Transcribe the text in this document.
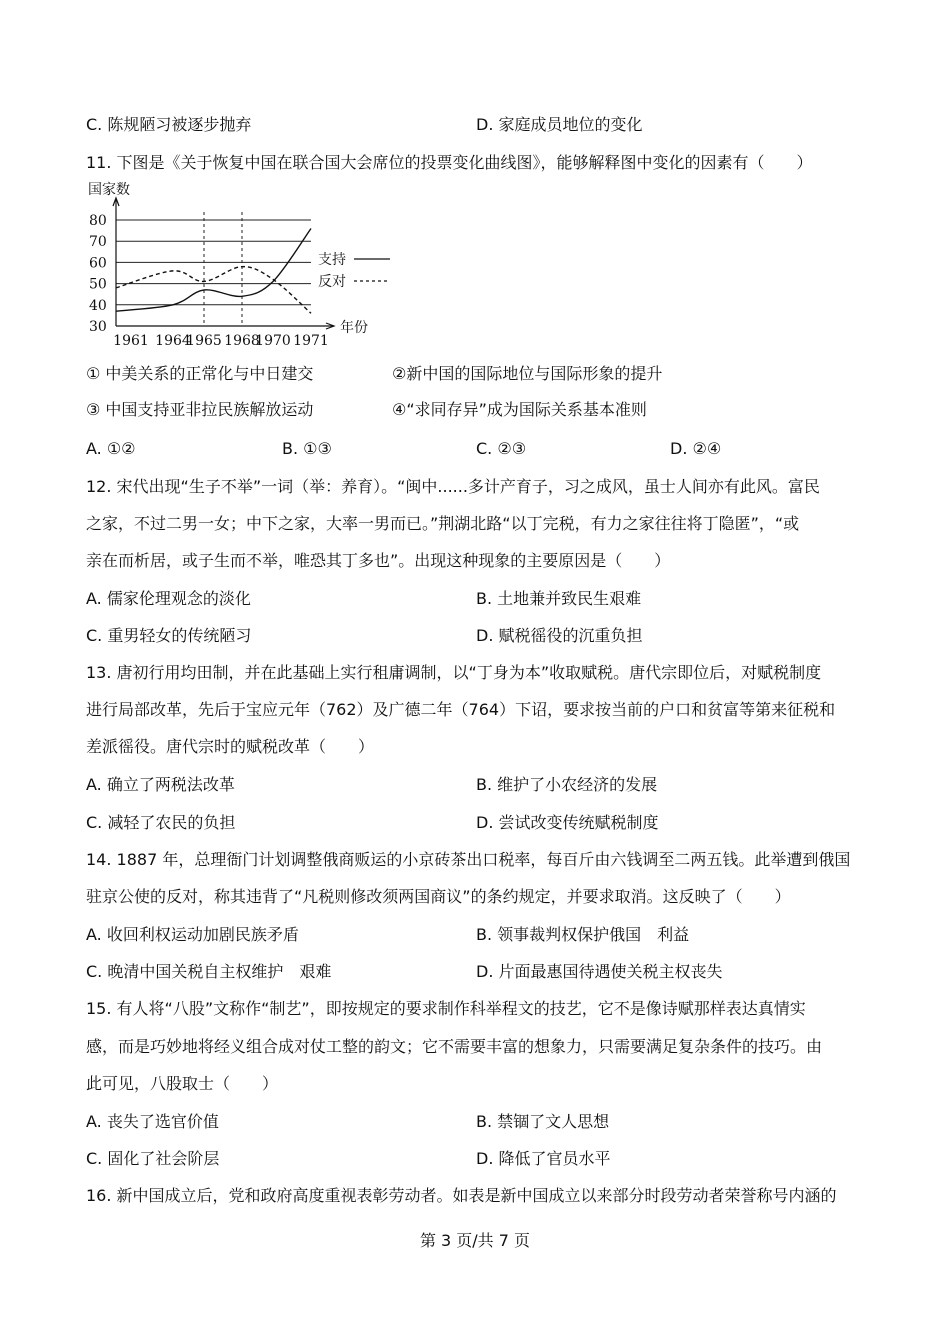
C. 陈规陋习被逐步抛弃	D. 家庭成员地位的变化
11. 下图是《关于恢复中国在联合国大会席位的投票变化曲线图》，能够解释图中变化的因素有（　　）
国家数
30
40
50
60
70
80
年份
1961 1964
1965 1968
1970 1971
支持
反对
① 中美关系的正常化与中日建交	②新中国的国际地位与国际形象的提升
③ 中国支持亚非拉民族解放运动	④“求同存异”成为国际关系基本准则
A. ①②	B. ①③	C. ②③	D. ②④
12. 宋代出现“生子不举”一词（举：养育）。“闽中......多计产育子，习之成风，虽士人间亦有此风。富民
之家，不过二男一女；中下之家，大率一男而已。”荆湖北路“以丁完税，有力之家往往将丁隐匿”，“或
亲在而析居，或子生而不举，唯恐其丁多也”。出现这种现象的主要原因是（　　）
A. 儒家伦理观念的淡化	B. 土地兼并致民生艰难
C. 重男轻女的传统陋习	D. 赋税徭役的沉重负担
13. 唐初行用均田制，并在此基础上实行租庸调制，以“丁身为本”收取赋税。唐代宗即位后，对赋税制度
进行局部改革，先后于宝应元年（762）及广德二年（764）下诏，要求按当前的户口和贫富等第来征税和
差派徭役。唐代宗时的赋税改革（　　）
A. 确立了两税法改革	B. 维护了小农经济的发展
C. 减轻了农民的负担	D. 尝试改变传统赋税制度
14. 1887 年，总理衙门计划调整俄商贩运的小京砖茶出口税率，每百斤由六钱调至二两五钱。此举遭到俄国
驻京公使的反对，称其违背了“凡税则修改须两国商议”的条约规定，并要求取消。这反映了（　　）
A. 收回利权运动加剧民族矛盾	B. 领事裁判权保护俄国　利益
C. 晚清中国关税自主权维护　艰难	D. 片面最惠国待遇使关税主权丧失
15. 有人将“八股”文称作“制艺”，即按规定的要求制作科举程文的技艺，它不是像诗赋那样表达真情实
感，而是巧妙地将经义组合成对仗工整的韵文；它不需要丰富的想象力，只需要满足复杂条件的技巧。由
此可见，八股取士（　　）
A. 丧失了选官价值	B. 禁锢了文人思想
C. 固化了社会阶层	D. 降低了官员水平
16. 新中国成立后，党和政府高度重视表彰劳动者。如表是新中国成立以来部分时段劳动者荣誉称号内涵的
第 3 页/共 7 页
